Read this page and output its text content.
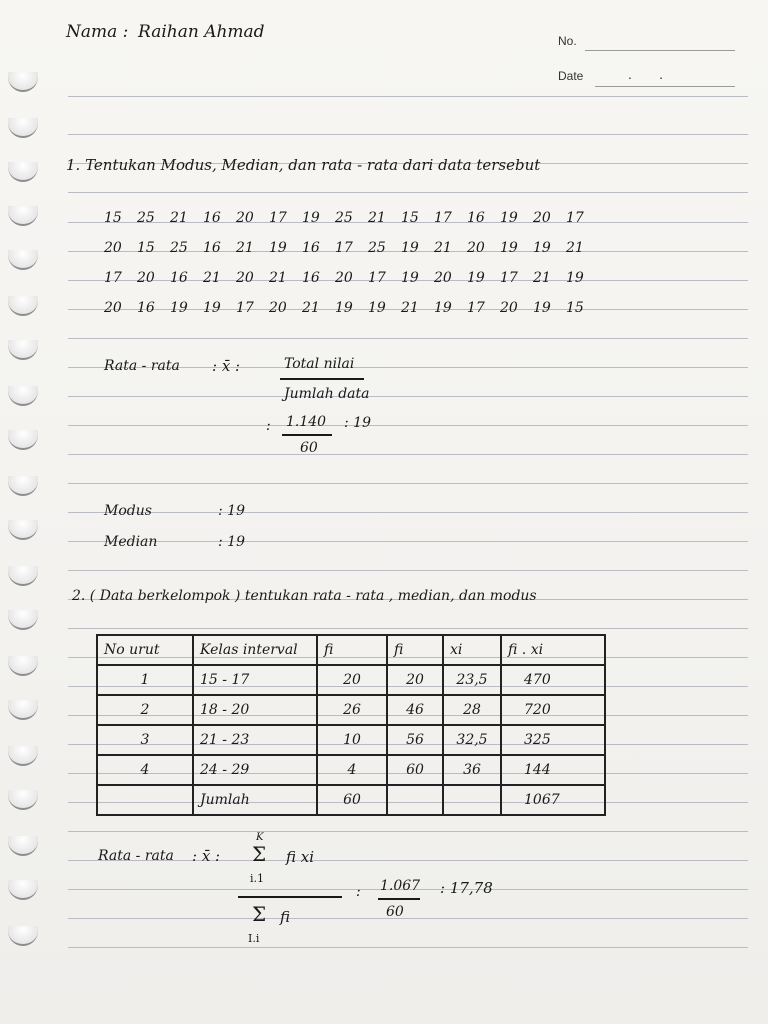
Nama : Raihan Ahmad	No.
Date	.       .
1. Tentukan Modus, Median, dan rata - rata dari data tersebut
15	25	21	16	20	17	19	25	21	15	17	16	19	20	17
20	15	25	16	21	19	16	17	25	19	21	20	19	19	21
17	20	16	21	20	21	16	20	17	19	20	19	17	21	19
20	16	19	19	17	20	21	19	19	21	19	17	20	19	15
Rata - rata : x̄ :	Total nilai
Jumlah data
: 1.140
60
: 19
Modus	: 19
Median	: 19
2. ( Data berkelompok ) tentukan rata - rata , median, dan modus
No urut	Kelas interval	fi	fi	xi	fi . xi
1	15 - 17	20	20	23,5	470
2	18 - 20	26	46	28	720
3	21 - 23	10	56	32,5	325
4	24 - 29	4	60	36	144
	Jumlah	60			1067
Rata - rata : x̄ :
K
Σ fi xi
i.1
Σ fi
I.i
: 1.067
60
: 17,78
